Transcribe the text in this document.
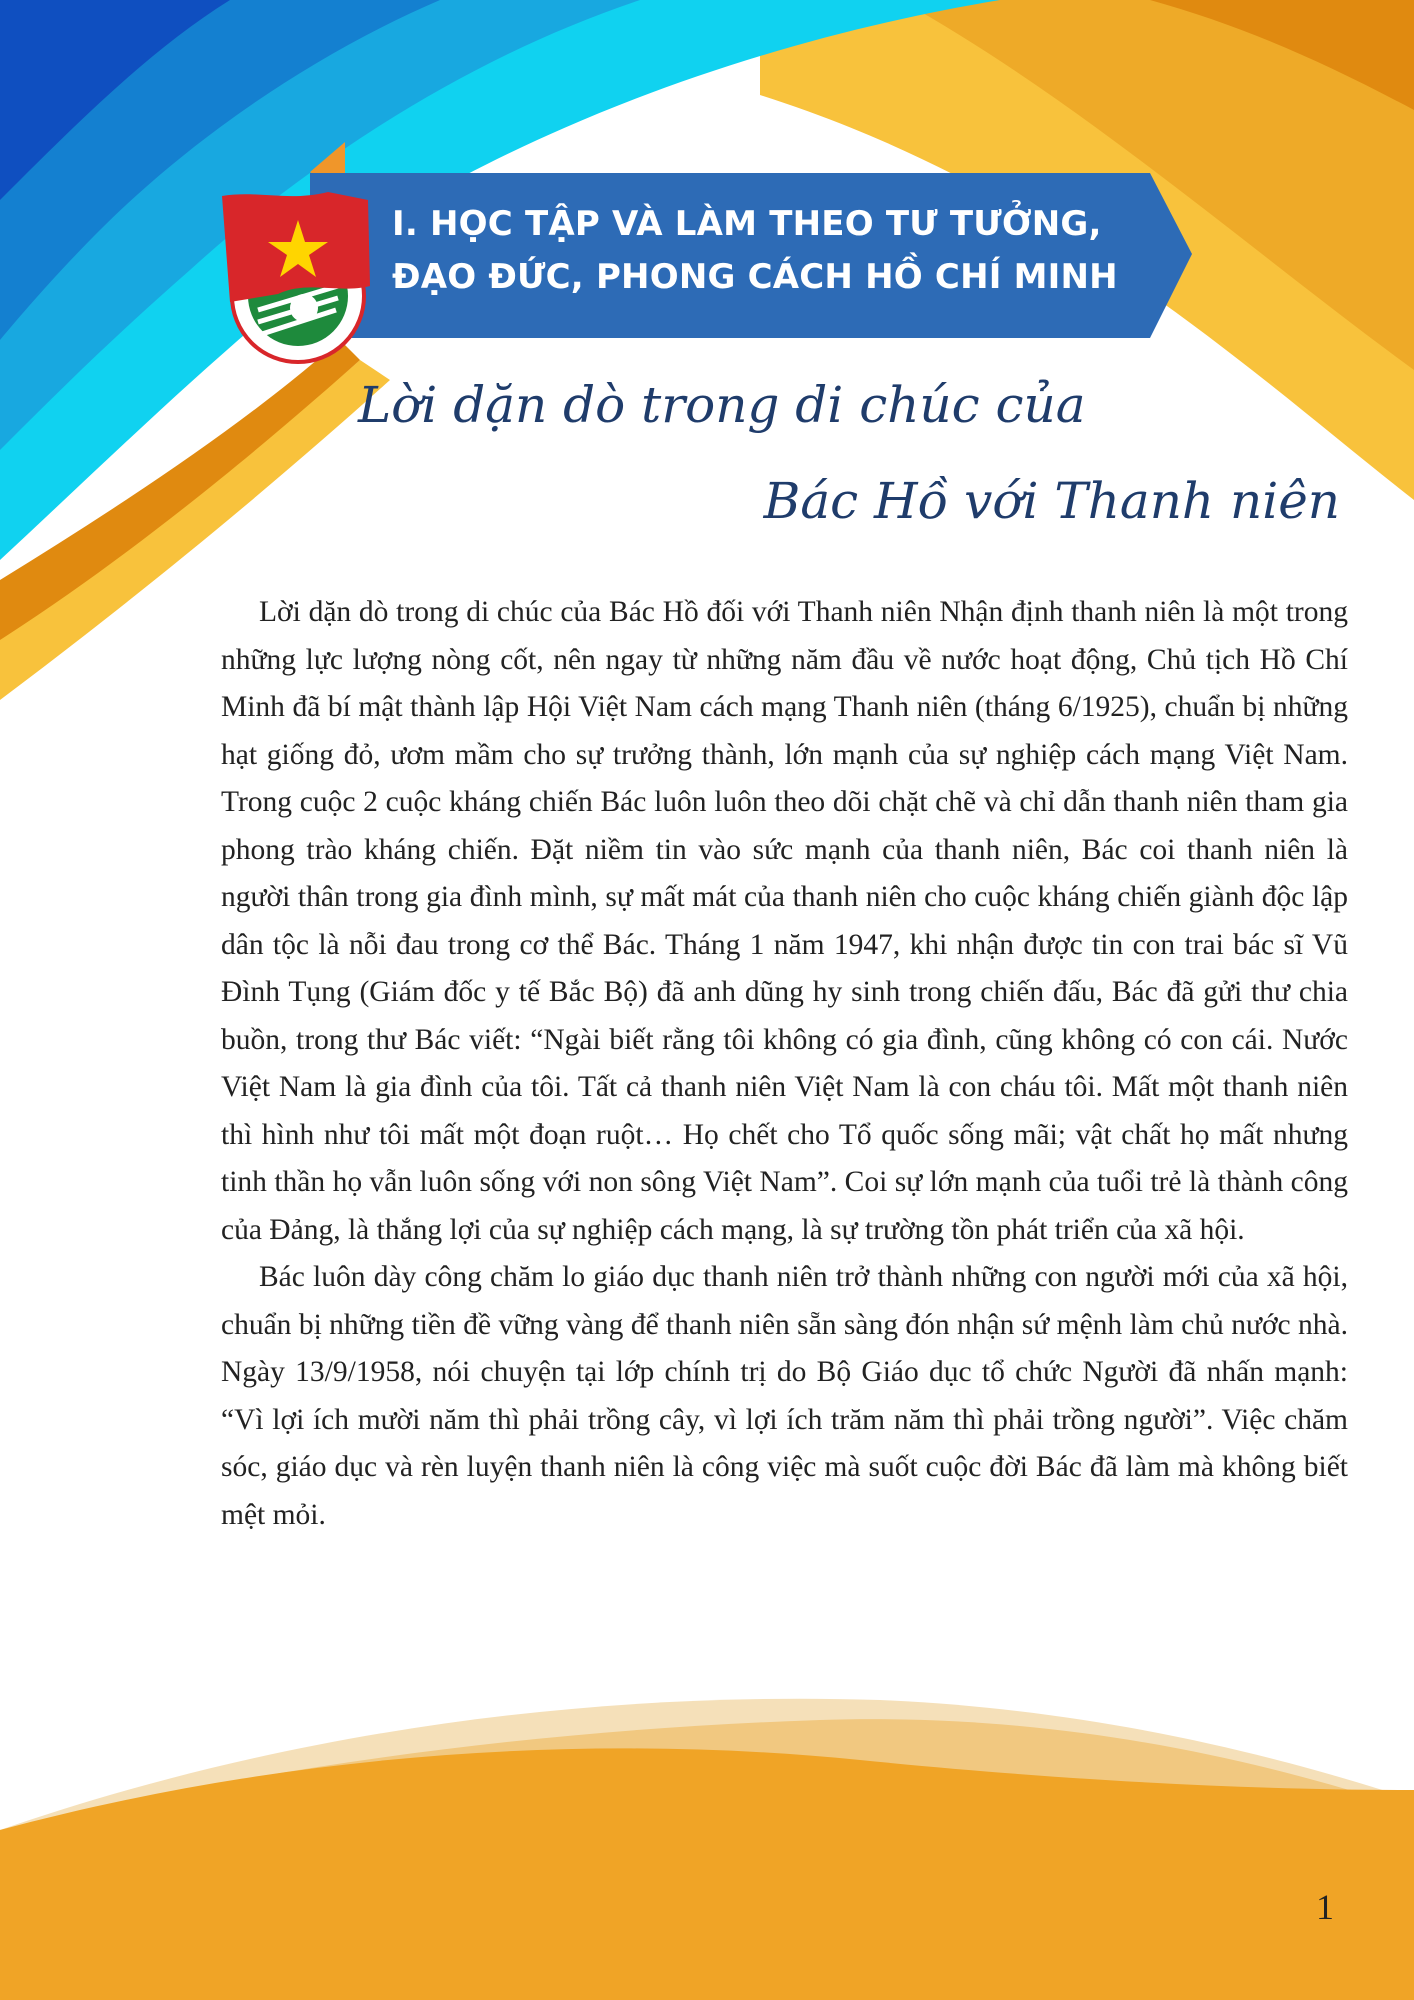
I. HỌC TẬP VÀ LÀM THEO TƯ TƯỞNG,
ĐẠO ĐỨC, PHONG CÁCH HỒ CHÍ MINH
Lời dặn dò trong di chúc của
Bác Hồ với Thanh niên

Lời dặn dò trong di chúc của Bác Hồ đối với Thanh niên Nhận định thanh niên là một trong những lực lượng nòng cốt, nên ngay từ những năm đầu về nước hoạt động, Chủ tịch Hồ Chí Minh đã bí mật thành lập Hội Việt Nam cách mạng Thanh niên (tháng 6/1925), chuẩn bị những hạt giống đỏ, ươm mầm cho sự trưởng thành, lớn mạnh của sự nghiệp cách mạng Việt Nam. Trong cuộc 2 cuộc kháng chiến Bác luôn luôn theo dõi chặt chẽ và chỉ dẫn thanh niên tham gia phong trào kháng chiến. Đặt niềm tin vào sức mạnh của thanh niên, Bác coi thanh niên là người thân trong gia đình mình, sự mất mát của thanh niên cho cuộc kháng chiến giành độc lập dân tộc là nỗi đau trong cơ thể Bác. Tháng 1 năm 1947, khi nhận được tin con trai bác sĩ Vũ Đình Tụng (Giám đốc y tế Bắc Bộ) đã anh dũng hy sinh trong chiến đấu, Bác đã gửi thư chia buồn, trong thư Bác viết: “Ngài biết rằng tôi không có gia đình, cũng không có con cái. Nước Việt Nam là gia đình của tôi. Tất cả thanh niên Việt Nam là con cháu tôi. Mất một thanh niên thì hình như tôi mất một đoạn ruột… Họ chết cho Tổ quốc sống mãi; vật chất họ mất nhưng tinh thần họ vẫn luôn sống với non sông Việt Nam”. Coi sự lớn mạnh của tuổi trẻ là thành công của Đảng, là thắng lợi của sự nghiệp cách mạng, là sự trường tồn phát triển của xã hội.

Bác luôn dày công chăm lo giáo dục thanh niên trở thành những con người mới của xã hội, chuẩn bị những tiền đề vững vàng để thanh niên sẵn sàng đón nhận sứ mệnh làm chủ nước nhà. Ngày 13/9/1958, nói chuyện tại lớp chính trị do Bộ Giáo dục tổ chức Người đã nhấn mạnh: “Vì lợi ích mười năm thì phải trồng cây, vì lợi ích trăm năm thì phải trồng người”. Việc chăm sóc, giáo dục và rèn luyện thanh niên là công việc mà suốt cuộc đời Bác đã làm mà không biết mệt mỏi.

1
